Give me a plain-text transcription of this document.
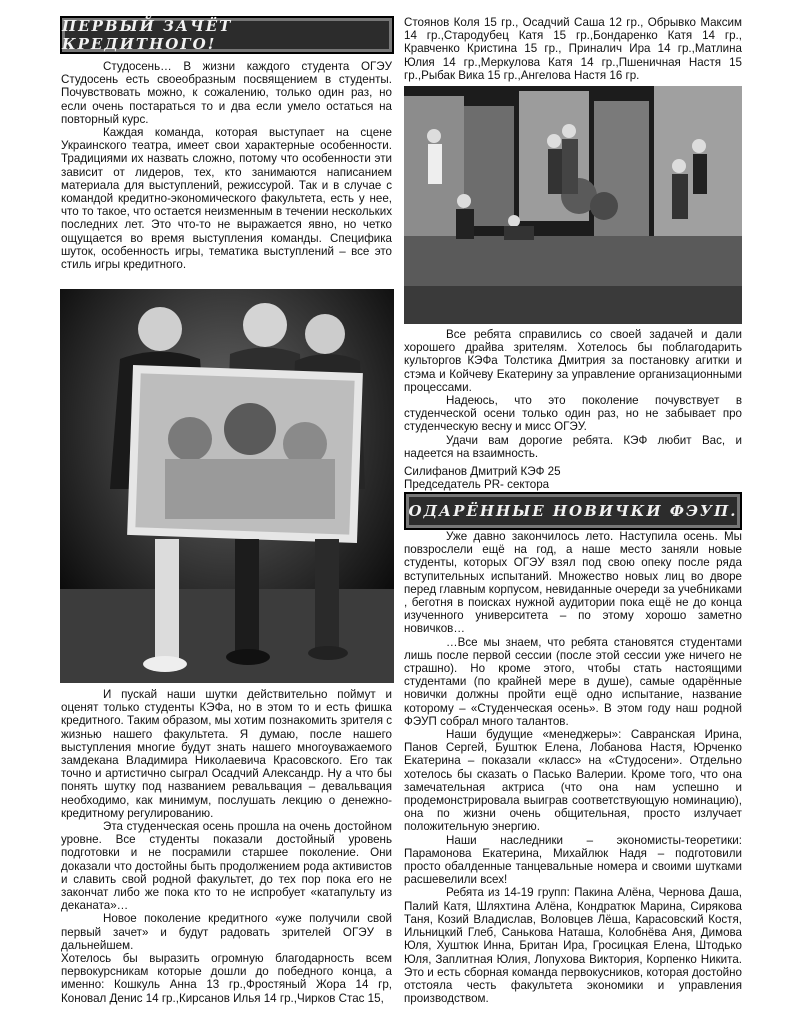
ПЕРВЫЙ ЗАЧЁТ КРЕДИТНОГО!

Студосень… В жизни каждого студента ОГЭУ Студосень есть своеобразным посвящением в студенты. Почувствовать можно, к сожалению, только один раз, но если очень постараться то и два если умело остаться на повторный курс.

Каждая команда, которая выступает на сцене Украинского театра, имеет свои характерные особенности. Традициями их назвать сложно, потому что особенности эти зависит от лидеров, тех, кто занимаются написанием материала для выступлений, режиссурой. Так и в случае с командой кредитно-экономического факультета, есть у нее, что то такое, что остается неизменным в течении нескольких последних лет. Это что-то не выражается явно, но четко ощущается во время выступления команды. Специфика шуток, особенность игры, тематика выступлений – все это стиль игры кредитного.

И пускай наши шутки действительно поймут и оценят только студенты КЭФа, но в этом то и есть фишка кредитного. Таким образом, мы хотим познакомить зрителя с жизнью нашего факультета. Я думаю, после нашего выступления многие будут знать нашего многоуважаемого замдекана Владимира Николаевича Красовского. Его так точно и артистично сыграл Осадчий Александр. Ну а что бы понять шутку под названием ревальвация – девальвация необходимо, как минимум, послушать лекцию о денежно-кредитному регулированию.

Эта студенческая осень прошла на очень достойном уровне. Все студенты показали достойный уровень подготовки и не посрамили старшее поколение. Они доказали что достойны быть продолжением рода активистов и славить свой родной факультет, до тех пор пока его не закончат либо же пока кто то не испробует «катапульту из деканата»…

Новое поколение кредитного «уже получили свой первый зачет» и будут радовать зрителей ОГЭУ в дальнейшем.

Хотелось бы выразить огромную благодарность всем первокурсникам которые дошли до победного конца, а именно: Кошкуль Анна 13 гр.,Фростяный Жора 14 гр, Коновал Денис 14 гр.,Кирсанов Илья 14 гр.,Чирков Стас 15,

Стоянов Коля 15 гр., Осадчий Саша 12 гр., Обрывко Максим 14 гр.,Стародубец Катя 15 гр.,Бондаренко Катя 14 гр., Кравченко Кристина 15 гр., Приналич Ира 14 гр.,Матлина Юлия 14 гр.,Меркулова Катя 14 гр.,Пшеничная Настя 15 гр.,Рыбак Вика 15 гр.,Ангелова Настя 16 гр.

Все ребята справились со своей задачей и дали хорошего драйва зрителям. Хотелось бы поблагодарить культоргов КЭФа Толстика Дмитрия за постановку агитки и стэма и Койчеву Екатерину за управление организационными процессами.

Надеюсь, что это поколение почувствует в студенческой осени только один раз, но не забывает про студенческую весну и мисс ОГЭУ.

Удачи вам дорогие ребята. КЭФ любит Вас, и надеется на взаимность.

Силифанов Дмитрий КЭФ 25

Председатель PR- сектора

ОДАРЁННЫЕ НОВИЧКИ ФЭУП.

Уже давно закончилось лето. Наступила осень. Мы повзрослели ещё на год, а наше место заняли новые студенты, которых ОГЭУ взял под свою опеку после ряда вступительных испытаний. Множество новых лиц во дворе перед главным корпусом, невиданные очереди за учебниками , беготня в поисках нужной аудитории пока ещё не до конца изученного университета – по этому хорошо заметно новичков…

…Все мы знаем, что ребята становятся студентами лишь после первой сессии (после этой сессии уже ничего не страшно). Но кроме этого, чтобы стать настоящими студентами (по крайней мере в душе), самые одарённые новички должны пройти ещё одно испытание, название которому – «Студенческая осень». В этом году наш родной ФЭУП собрал много талантов.

Наши будущие «менеджеры»: Савранская Ирина, Панов Сергей, Буштюк Елена, Лобанова Настя, Юрченко Екатерина – показали «класс» на «Студосени». Отдельно хотелось бы сказать о Пасько Валерии. Кроме того, что она замечательная актриса (что она нам успешно и продемонстрировала выиграв соответствующую номинацию), она по жизни очень общительная, просто излучает положительную энергию.

Наши наследники – экономисты-теоретики: Парамонова Екатерина, Михайлюк Надя – подготовили просто обалденные танцевальные номера и своими шутками расшевелили всех!

Ребята из 14-19 групп: Пакина Алёна, Чернова Даша, Палий Катя, Шляхтина Алёна, Кондратюк Марина, Сирякова Таня, Козий Владислав, Воловцев Лёша, Карасовский Костя, Ильницкий Глеб, Санькова Наташа, Колобнёва Аня, Димова Юля, Хуштюк Инна, Британ Ира, Гросицкая Елена, Штодько Юля, Заплитная Юлия, Лопухова Виктория, Корпенко Никита. Это и есть сборная команда первокусников, которая достойно отстояла честь факультета экономики и управления производством.
